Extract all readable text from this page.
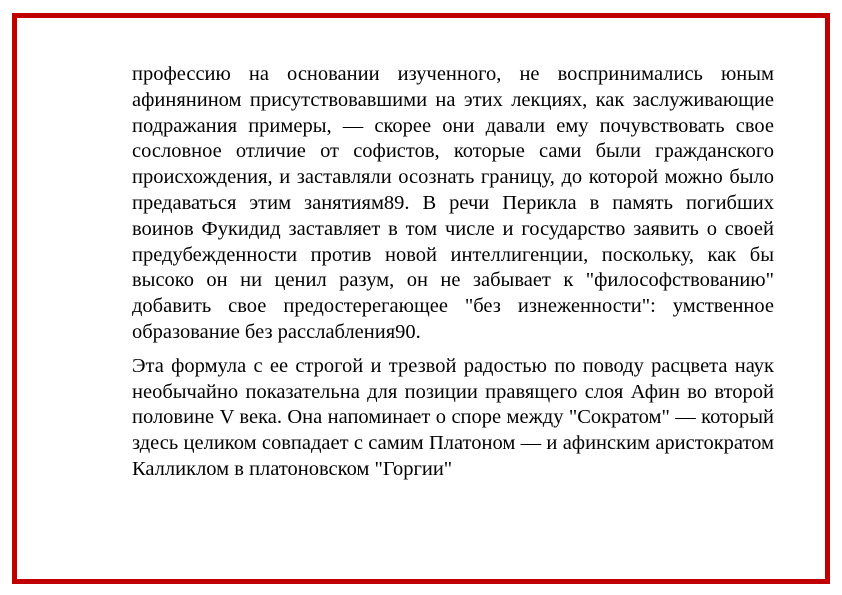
профессию на основании изученного, не воспринимались юным афинянином присутствовавшими на этих лекциях, как заслуживающие подражания примеры, — скорее они давали ему почувствовать свое сословное отличие от софистов, которые сами были гражданского происхождения, и заставляли осознать границу, до которой можно было предаваться этим занятиям89. В речи Перикла в память погибших воинов Фукидид заставляет в том числе и государство заявить о своей предубежденности против новой интеллигенции, поскольку, как бы высоко он ни ценил разум, он не забывает к "философствованию" добавить свое предостерегающее "без изнеженности": умственное образование без расслабления90.

Эта формула с ее строгой и трезвой радостью по поводу расцвета наук необычайно показательна для позиции правящего слоя Афин во второй половине V века. Она напоминает о споре между "Сократом" — который здесь целиком совпадает с самим Платоном — и афинским аристократом Калликлом в платоновском "Горгии"
